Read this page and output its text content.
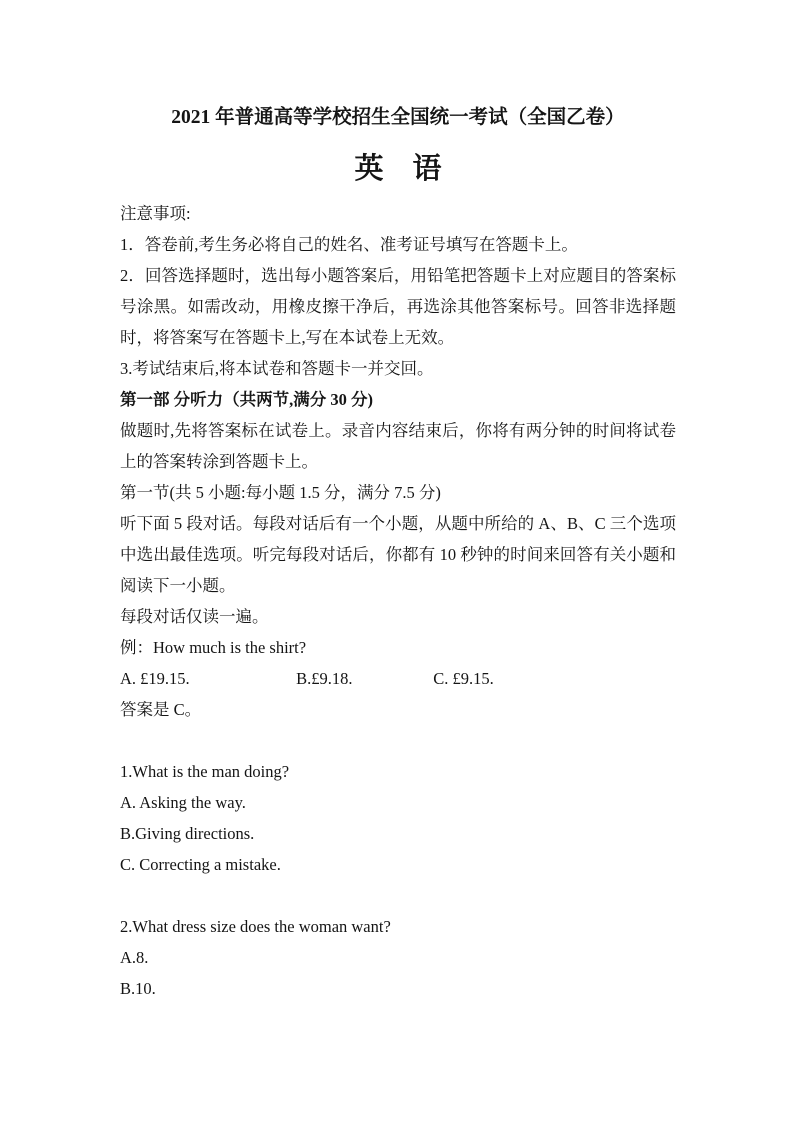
2021 年普通高等学校招生全国统一考试（全国乙卷）
英　语

注意事项:

1．答卷前,考生务必将自己的姓名、准考证号填写在答题卡上。

2．回答选择题时，选出每小题答案后，用铅笔把答题卡上对应题目的答案标号涂黑。如需改动，用橡皮擦干净后，再选涂其他答案标号。回答非选择题时，将答案写在答题卡上,写在本试卷上无效。

3.考试结束后,将本试卷和答题卡一并交回。

第一部 分听力（共两节,满分 30 分)

做题时,先将答案标在试卷上。录音内容结束后，你将有两分钟的时间将试卷上的答案转涂到答题卡上。

第一节(共 5 小题:每小题 1.5 分，满分 7.5 分)

听下面 5 段对话。每段对话后有一个小题，从题中所给的 A、B、C 三个选项中选出最佳选项。听完每段对话后，你都有 10 秒钟的时间来回答有关小题和阅读下一小题。

每段对话仅读一遍。

例：How much is the shirt?

A. £19.15.	B.£9.18.	C. £9.15.

答案是 C。

1.What is the man doing?

A. Asking the way.

B.Giving directions.

C. Correcting a mistake.

2.What dress size does the woman want?

A.8.

B.10.
